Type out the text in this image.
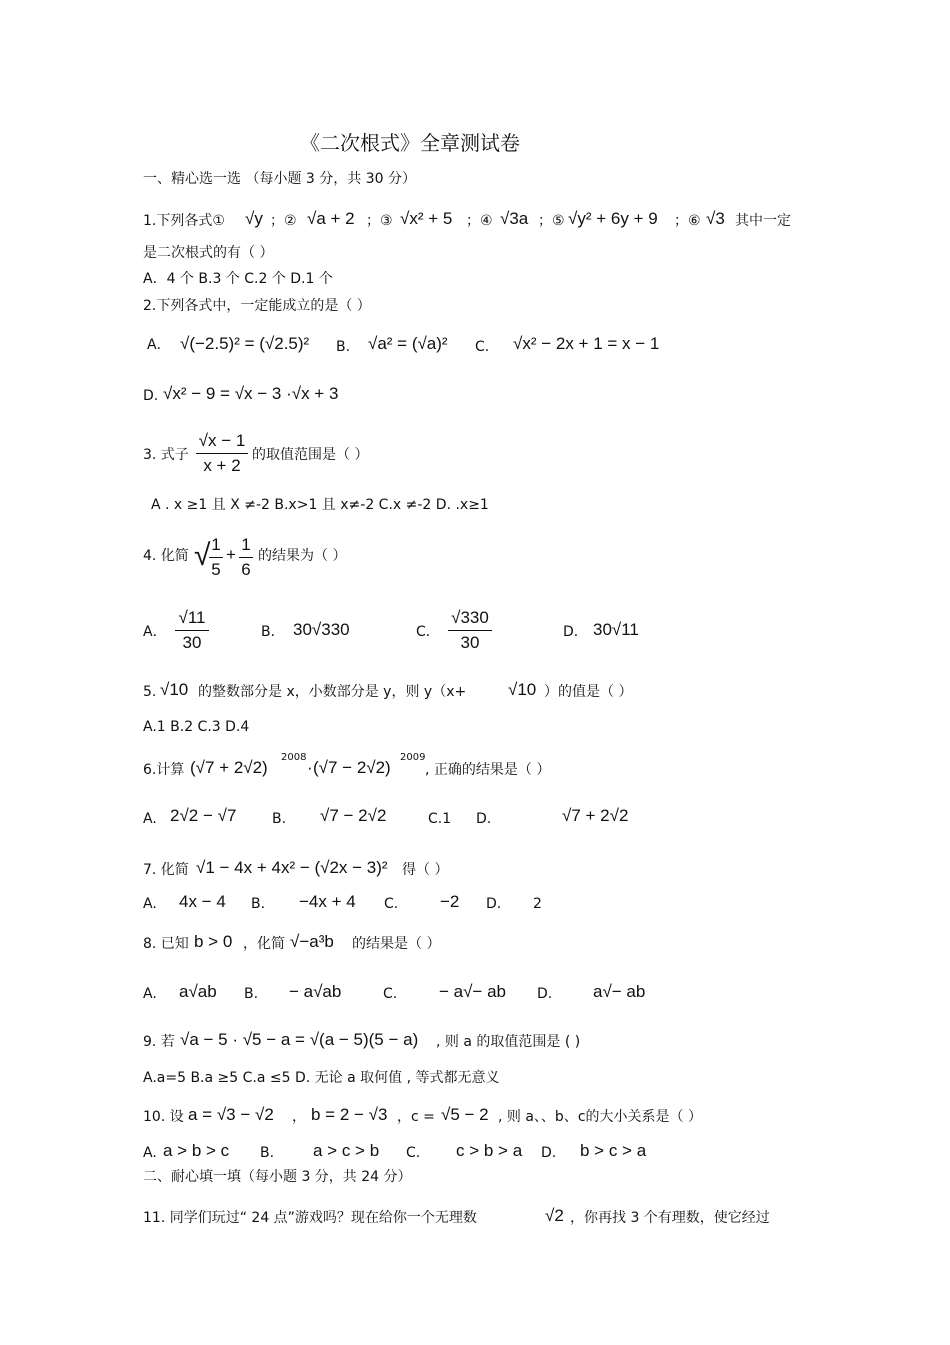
《二次根式》全章测试卷
一、精心选一选 （每小题 3 分，共 30 分）
1.下列各式① √y ；② √a + 2 ；③ √x² + 5 ；④ √3a ；⑤ √y² + 6y + 9 ；⑥ √3 其中一定
是二次根式的有（ ）
A．4 个 B.3 个 C.2 个 D.1 个
2.下列各式中，一定能成立的是（ ）
A． √(−2.5)² = (√2.5)² B. √a² = (√a)² C. √x² − 2x + 1 = x − 1
D. √x² − 9 = √x − 3 ·√x + 3
3. 式子
√x − 1
x + 2
的取值范围是（ ）
A . x ≥1 且 X ≠-2 B.x>1 且 x≠-2 C.x ≠-2 D. .x≥1
4. 化简 √ 1
5
+
1
6
的结果为（ ）
A．
√11
30
B． 30√330	C．
√330
30
D． 30√11
5. √10 的整数部分是 x，小数部分是 y，则 y（x+ √10 ）的值是（ ）
A.1 B.2 C.3 D.4
6.计算 (√7 + 2√2)
2008
· (√7 − 2√2)
2009
, 正确的结果是（ ）
A. 2√2 − √7	B. √7 − 2√2	C.1 D.	√7 + 2√2
7. 化简 √1 − 4x + 4x² − (√2x − 3)² 得（ ）
A. 4x − 4 B. −4x + 4 C. −2 D. 2
8. 已知 b > 0 ，化简 √−a³b 的结果是（ ）
A. a√ab B. − a√ab	C. − a√− ab D. a√− ab
9. 若 √a − 5 · √5 − a = √(a − 5)(5 − a) , 则 a 的取值范围是 ( )
A.a=5 B.a ≥5 C.a ≤5 D. 无论 a 取何值 , 等式都无意义
10. 设 a = √3 − √2 ， b = 2 − √3 ，c = √5 − 2 , 则 a、、b、c的大小关系是（ ）
A. a > b > c B. a > c > b C. c > b > a D. b > c > a
二、耐心填一填（每小题 3 分，共 24 分）
11. 同学们玩过“ 24 点”游戏吗？现在给你一个无理数	√2 ，你再找 3 个有理数，使它经过
